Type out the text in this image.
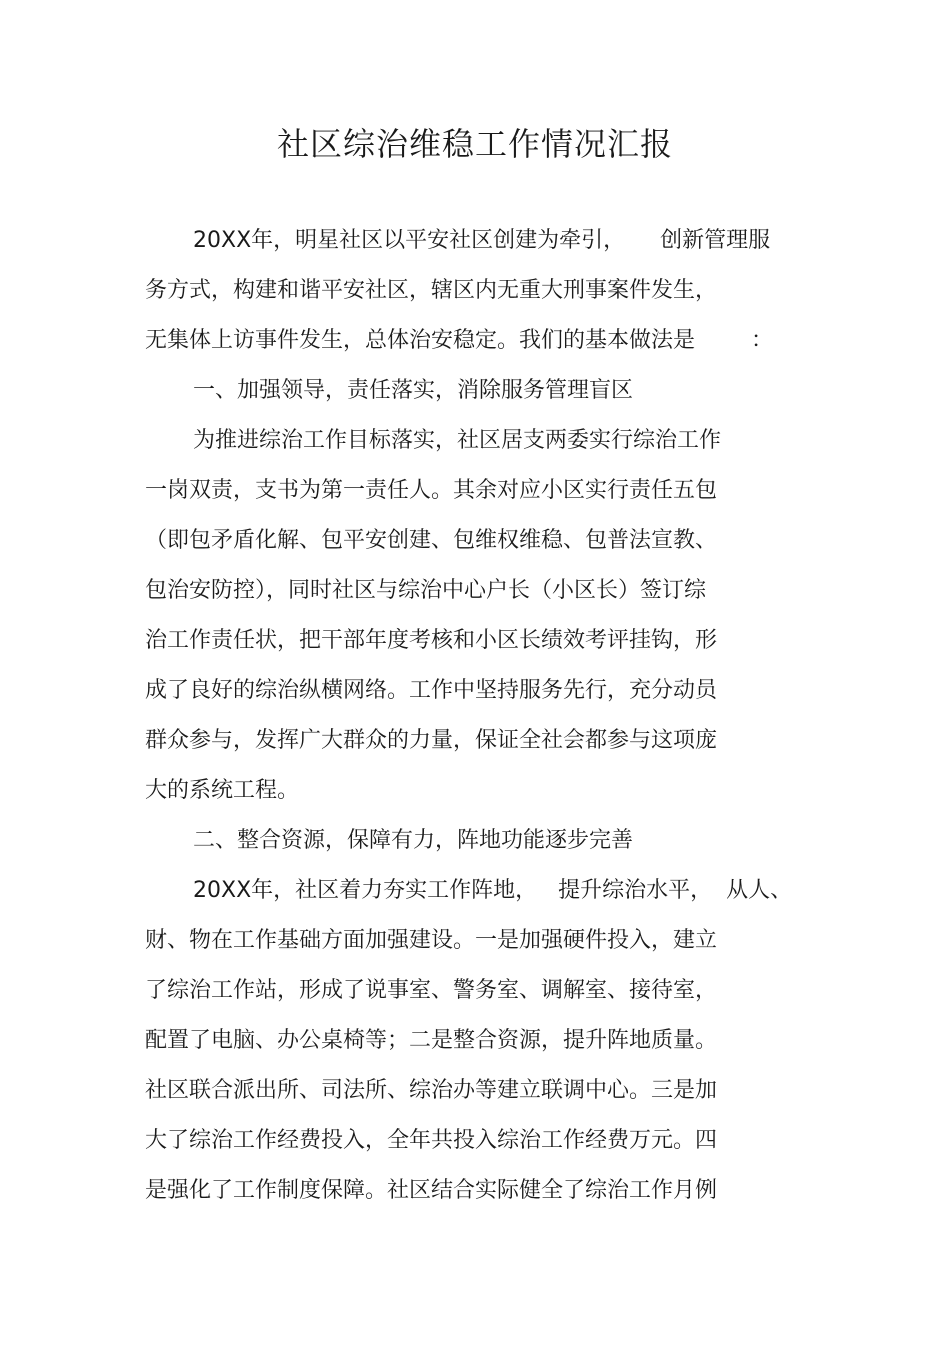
社区综治维稳工作情况汇报
20XX年，明星社区以平安社区创建为牵引，     创新管理服
务方式，构建和谐平安社区，辖区内无重大刑事案件发生，
无集体上访事件发生，总体治安稳定。我们的基本做法是        ：
一、加强领导，责任落实，消除服务管理盲区
为推进综治工作目标落实，社区居支两委实行综治工作
一岗双责，支书为第一责任人。其余对应小区实行责任五包
（即包矛盾化解、包平安创建、包维权维稳、包普法宣教、
包治安防控），同时社区与综治中心户长（小区长）签订综
治工作责任状，把干部年度考核和小区长绩效考评挂钩，形
成了良好的综治纵横网络。工作中坚持服务先行，充分动员
群众参与，发挥广大群众的力量，保证全社会都参与这项庞
大的系统工程。
二、整合资源，保障有力，阵地功能逐步完善
20XX年，社区着力夯实工作阵地，   提升综治水平，  从人、
财、物在工作基础方面加强建设。一是加强硬件投入，建立
了综治工作站，形成了说事室、警务室、调解室、接待室，
配置了电脑、办公桌椅等；二是整合资源，提升阵地质量。
社区联合派出所、司法所、综治办等建立联调中心。三是加
大了综治工作经费投入，全年共投入综治工作经费万元。四
是强化了工作制度保障。社区结合实际健全了综治工作月例
